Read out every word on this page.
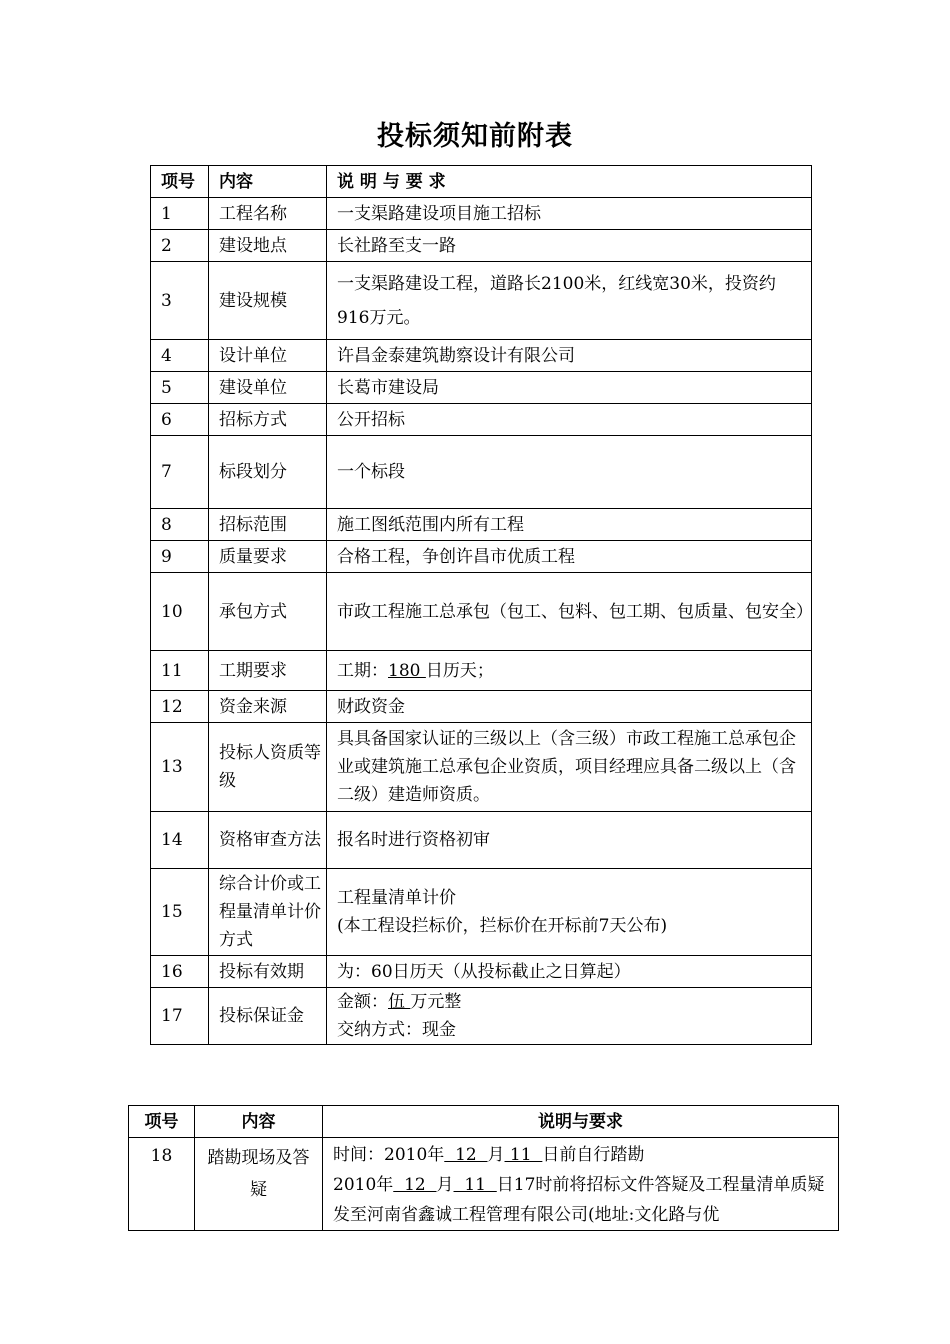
投标须知前附表
项号	内容	说 明 与 要 求
1	工程名称	一支渠路建设项目施工招标
2	建设地点	长社路至支一路
3	建设规模	一支渠路建设工程，道路长2100米，红线宽30米，投资约916万元。
4	设计单位	许昌金泰建筑勘察设计有限公司
5	建设单位	长葛市建设局
6	招标方式	公开招标
7	标段划分	一个标段
8	招标范围	施工图纸范围内所有工程
9	质量要求	合格工程，争创许昌市优质工程
10	承包方式	市政工程施工总承包（包工、包料、包工期、包质量、包安全）
11	工期要求	工期：180 日历天；
12	资金来源	财政资金
13	投标人资质等级	具具备国家认证的三级以上（含三级）市政工程施工总承包企业或建筑施工总承包企业资质，项目经理应具备二级以上（含二级）建造师资质。
14	资格审查方法	报名时进行资格初审
15	综合计价或工程量清单计价方式	工程量清单计价
(本工程设拦标价，拦标价在开标前7天公布)

16	投标有效期	为：60日历天（从投标截止之日算起）
17	投标保证金	金额：伍 万元整
交纳方式：现金
项号	内容	说明与要求
18	踏勘现场及答疑	时间：2010年  12  月 11  日前自行踏勘
2010年  12  月  11  日17时前将招标文件答疑及工程量清单质疑发至河南省鑫诚工程管理有限公司(地址:文化路与优
